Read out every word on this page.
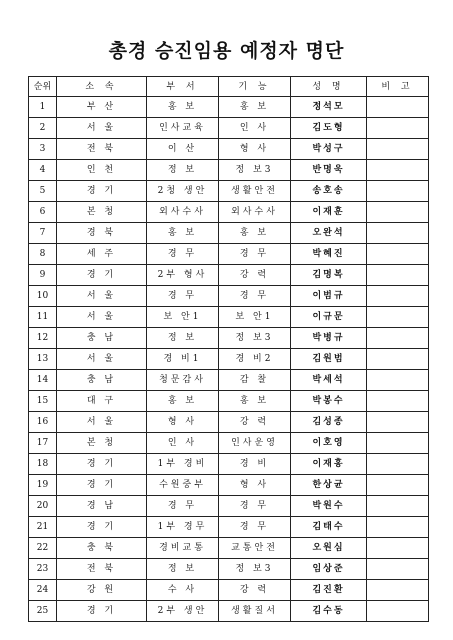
총경 승진임용 예정자 명단
순위	소 속	부 서	기 능	성 명	비 고
1	부 산	홍 보	홍 보	정석모	
2	서 울	인사교육	인 사	김도형	
3	전 북	이 산	형 사	박성구	
4	인 천	정 보	정 보3	반명욱	
5	경 기	2청 생안	생활안전	송호송	
6	본 청	외사수사	외사수사	이재훈	
7	경 북	홍 보	홍 보	오완석	
8	세 주	경 무	경 무	박혜진	
9	경 기	2부 형사	강 력	김명복	
10	서 울	경 무	경 무	이범규	
11	서 울	보 안1	보 안1	이규문	
12	충 남	정 보	정 보3	박병규	
13	서 울	경 비1	경 비2	김원범	
14	충 남	청문감사	감 찰	박세석	
15	대 구	홍 보	홍 보	박봉수	
16	서 울	형 사	강 력	김성종	
17	본 청	인 사	인사운영	이호영	
18	경 기	1부 경비	경 비	이재홍	
19	경 기	수원중부	형 사	한상균	
20	경 남	경 무	경 무	박원수	
21	경 기	1부 경무	경 무	김태수	
22	충 북	경비교통	교통안전	오원심	
23	전 북	정 보	정 보3	임상준	
24	강 원	수 사	강 력	김진환	
25	경 기	2부 생안	생활질서	김수동	
